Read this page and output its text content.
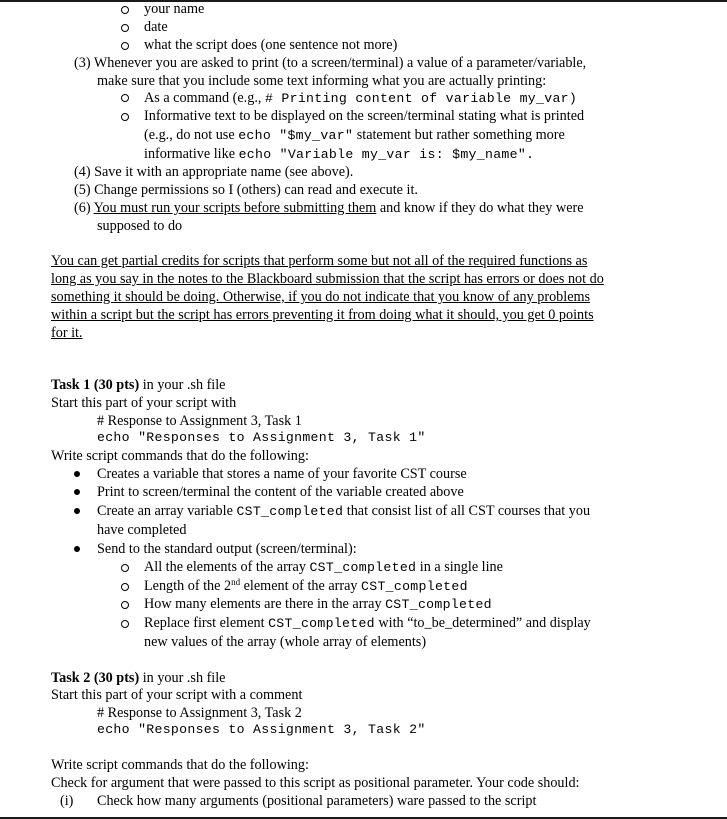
your name
date
what the script does (one sentence not more)
(3) Whenever you are asked to print (to a screen/terminal) a value of a parameter/variable,
make sure that you include some text informing what you are actually printing:
As a command (e.g., # Printing content of variable my_var)
Informative text to be displayed on the screen/terminal stating what is printed
(e.g., do not use echo "$my_var" statement but rather something more
informative like echo "Variable my_var is: $my_name".
(4) Save it with an appropriate name (see above).
(5) Change permissions so I (others) can read and execute it.
(6) You must run your scripts before submitting them and know if they do what they were
supposed to do
You can get partial credits for scripts that perform some but not all of the required functions as
long as you say in the notes to the Blackboard submission that the script has errors or does not do
something it should be doing. Otherwise, if you do not indicate that you know of any problems
within a script but the script has errors preventing it from doing what it should, you get 0 points
for it.
Task 1 (30 pts) in your .sh file
Start this part of your script with
# Response to Assignment 3, Task 1
echo "Responses to Assignment 3, Task 1"
Write script commands that do the following:
Creates a variable that stores a name of your favorite CST course
Print to screen/terminal the content of the variable created above
Create an array variable CST_completed that consist list of all CST courses that you
have completed
Send to the standard output (screen/terminal):
All the elements of the array CST_completed in a single line
Length of the 2nd element of the array CST_completed
How many elements are there in the array CST_completed
Replace first element CST_completed with “to_be_determined” and display
new values of the array (whole array of elements)
Task 2 (30 pts) in your .sh file
Start this part of your script with a comment
# Response to Assignment 3, Task 2
echo "Responses to Assignment 3, Task 2"
Write script commands that do the following:
Check for argument that were passed to this script as positional parameter. Your code should:
(i) Check how many arguments (positional parameters) ware passed to the script
